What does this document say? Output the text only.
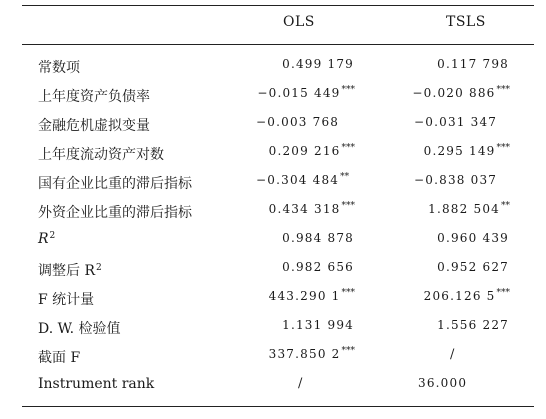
OLS	TSLS
常数项	0.499 179	0.117 798
上年度资产负债率	−0.015 449***	−0.020 886***
金融危机虚拟变量	−0.003 768	−0.031 347
上年度流动资产对数	0.209 216***	0.295 149***
国有企业比重的滞后指标	−0.304 484**	−0.838 037
外资企业比重的滞后指标	0.434 318***	1.882 504**
$R^2$	0.984 878	0.960 439
调整后 $R^2$	0.982 656	0.952 627
F 统计量	443.290 1***	206.126 5***
D. W. 检验值	1.131 994	1.556 227
截面 F	337.850 2***	/
Instrument rank	/	36.000
